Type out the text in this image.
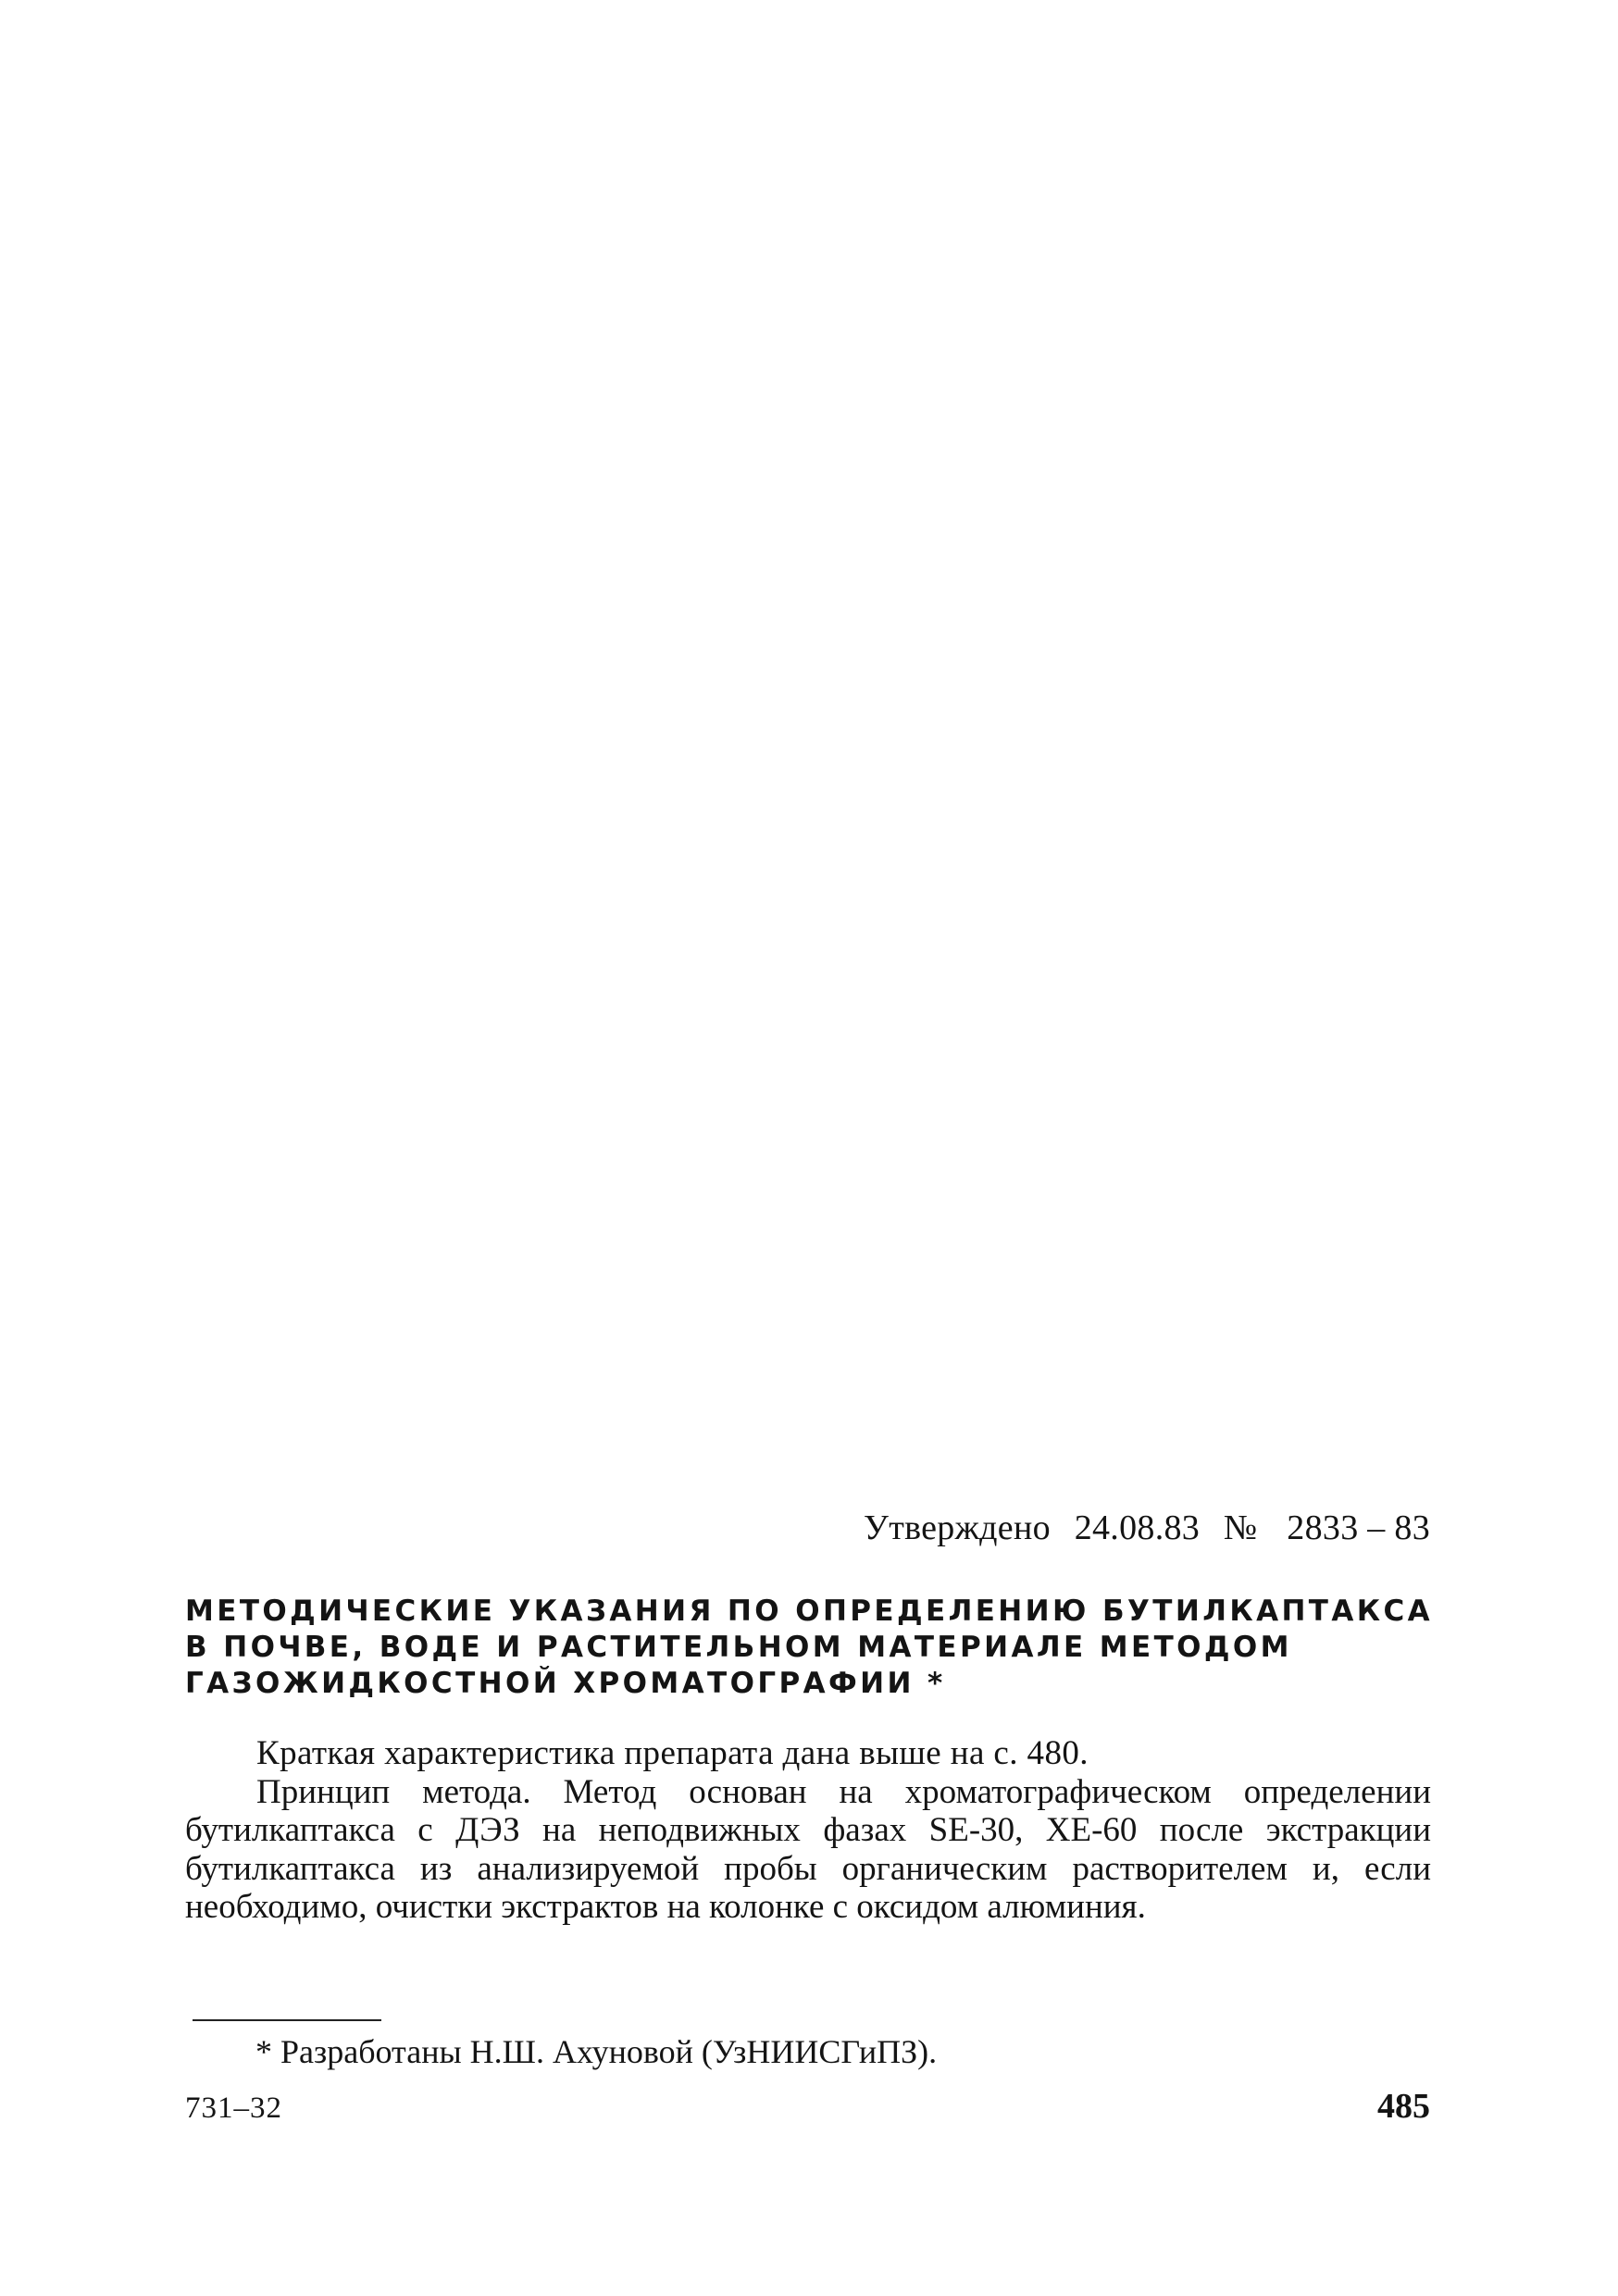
Утверждено 24.08.83 № 2833 – 83
МЕТОДИЧЕСКИЕ УКАЗАНИЯ ПО ОПРЕДЕЛЕНИЮ БУТИЛКАПТАКСА
В ПОЧВЕ, ВОДЕ И РАСТИТЕЛЬНОМ МАТЕРИАЛЕ МЕТОДОМ
ГАЗОЖИДКОСТНОЙ ХРОМАТОГРАФИИ *

Краткая характеристика препарата дана выше на с. 480.

Принцип метода. Метод основан на хроматографическом определении бутилкаптакса с ДЭЗ на неподвижных фазах SE-30, XE-60 после экстракции бутилкаптакса из анализируемой пробы органическим растворителем и, если необходимо, очистки экстрактов на колонке с оксидом алюминия.

* Разработаны Н.Ш. Ахуновой (УзНИИСГиПЗ).
731–32	485
